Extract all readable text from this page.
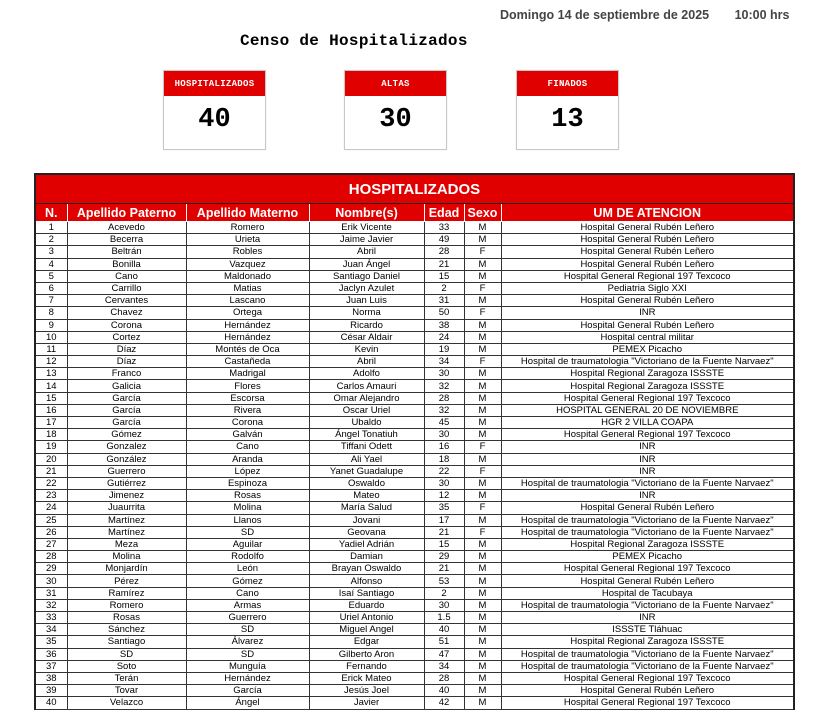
Domingo 14 de septiembre de 2025 10:00 hrs
Censo de Hospitalizados
HOSPITALIZADOS
40
ALTAS
30
FINADOS
13
HOSPITALIZADOS
N.	Apellido Paterno	Apellido Materno	Nombre(s)	Edad	Sexo	UM DE ATENCION
1	Acevedo	Romero	Erik Vicente	33	M	Hospital General Rubén Leñero
2	Becerra	Urieta	Jaime Javier	49	M	Hospital General Rubén Leñero
3	Beltrán	Robles	Abril	28	F	Hospital General Rubén Leñero
4	Bonilla	Vazquez	Juan Ángel	21	M	Hospital General Rubén Leñero
5	Cano	Maldonado	Santiago Daniel	15	M	Hospital General Regional 197 Texcoco
6	Carrillo	Matias	Jaclyn Azulet	2	F	Pediatria Siglo XXI
7	Cervantes	Lascano	Juan Luis	31	M	Hospital General Rubén Leñero
8	Chavez	Ortega	Norma	50	F	INR
9	Corona	Hernández	Ricardo	38	M	Hospital General Rubén Leñero
10	Cortez	Hernández	César Aldair	24	M	Hospital central militar
11	Díaz	Montés de Oca	Kevin	19	M	PEMEX Picacho
12	Díaz	Castañeda	Abril	34	F	Hospital de traumatologia "Victoriano de la Fuente Narvaez"
13	Franco	Madrigal	Adolfo	30	M	Hospital Regional Zaragoza ISSSTE
14	Galicia	Flores	Carlos Amauri	32	M	Hospital Regional Zaragoza ISSSTE
15	García	Escorsa	Omar Alejandro	28	M	Hospital General Regional 197 Texcoco
16	García	Rivera	Oscar Uriel	32	M	HOSPITAL GENERAL 20 DE NOVIEMBRE
17	García	Corona	Ubaldo	45	M	HGR 2 VILLA COAPA
18	Gómez	Galván	Ángel Tonatiuh	30	M	Hospital General Regional 197 Texcoco
19	Gonzalez	Cano	Tiffani Odett	16	F	INR
20	González	Aranda	Ali Yael	18	M	INR
21	Guerrero	López	Yanet Guadalupe	22	F	INR
22	Gutiérrez	Espinoza	Oswaldo	30	M	Hospital de traumatologia "Victoriano de la Fuente Narvaez"
23	Jimenez	Rosas	Mateo	12	M	INR
24	Juaurrita	Molina	María Salud	35	F	Hospital General Rubén Leñero
25	Martínez	Llanos	Jovani	17	M	Hospital de traumatologia "Victoriano de la Fuente Narvaez"
26	Martínez	SD	Geovana	21	F	Hospital de traumatologia "Victoriano de la Fuente Narvaez"
27	Meza	Aguilar	Yadiel Adrián	15	M	Hospital Regional Zaragoza ISSSTE
28	Molina	Rodolfo	Damian	29	M	PEMEX Picacho
29	Monjardín	León	Brayan Oswaldo	21	M	Hospital General Regional 197 Texcoco
30	Pérez	Gómez	Alfonso	53	M	Hospital General Rubén Leñero
31	Ramírez	Cano	Isaí Santiago	2	M	Hospital de Tacubaya
32	Romero	Armas	Eduardo	30	M	Hospital de traumatologia "Victoriano de la Fuente Narvaez"
33	Rosas	Guerrero	Uriel Antonio	1.5	M	INR
34	Sánchez	SD	Miguel Angel	40	M	ISSSTE Tláhuac
35	Santiago	Álvarez	Edgar	51	M	Hospital Regional Zaragoza ISSSTE
36	SD	SD	Gilberto Aron	47	M	Hospital de traumatologia "Victoriano de la Fuente Narvaez"
37	Soto	Munguía	Fernando	34	M	Hospital de traumatologia "Victoriano de la Fuente Narvaez"
38	Terán	Hernández	Erick Mateo	28	M	Hospital General Regional 197 Texcoco
39	Tovar	García	Jesús Joel	40	M	Hospital General Rubén Leñero
40	Velazco	Ángel	Javier	42	M	Hospital General Regional 197 Texcoco
